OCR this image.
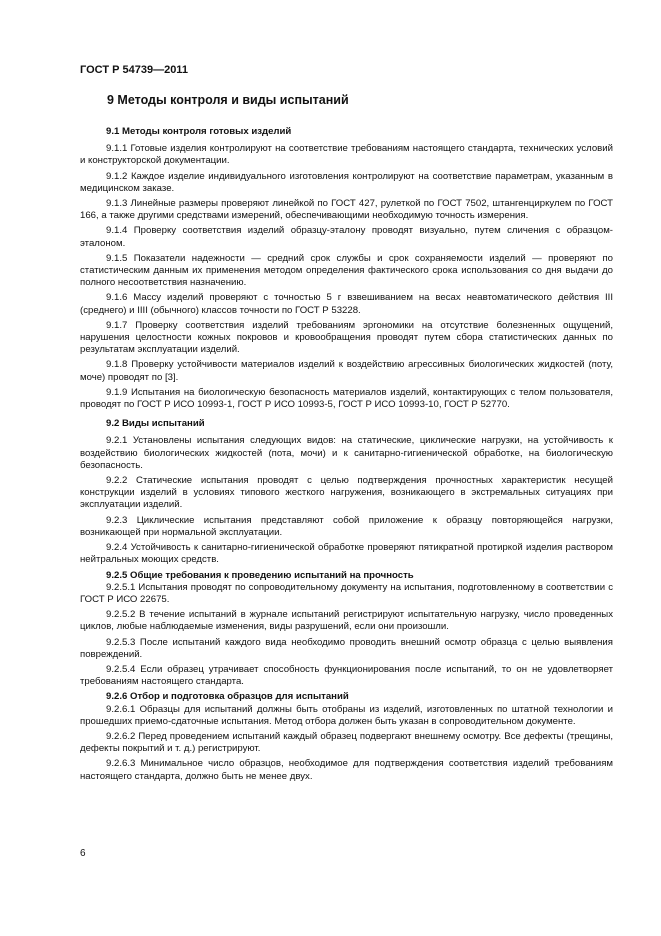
ГОСТ Р 54739—2011
9 Методы контроля и виды испытаний
9.1 Методы контроля готовых изделий

9.1.1 Готовые изделия контролируют на соответствие требованиям настоящего стандарта, технических условий и конструкторской документации.

9.1.2 Каждое изделие индивидуального изготовления контролируют на соответствие параметрам, указанным в медицинском заказе.

9.1.3 Линейные размеры проверяют линейкой по ГОСТ 427, рулеткой по ГОСТ 7502, штангенциркулем по ГОСТ 166, а также другими средствами измерений, обеспечивающими необходимую точность измерения.

9.1.4 Проверку соответствия изделий образцу-эталону проводят визуально, путем сличения с образцом-эталоном.

9.1.5 Показатели надежности — средний срок службы и срок сохраняемости изделий — проверяют по статистическим данным их применения методом определения фактического срока использования со дня выдачи до полного несоответствия назначению.

9.1.6 Массу изделий проверяют с точностью 5 г взвешиванием на весах неавтоматического действия III (среднего) и IIII (обычного) классов точности по ГОСТ Р 53228.

9.1.7 Проверку соответствия изделий требованиям эргономики на отсутствие болезненных ощущений, нарушения целостности кожных покровов и кровообращения проводят путем сбора статистических данных по результатам эксплуатации изделий.

9.1.8 Проверку устойчивости материалов изделий к воздействию агрессивных биологических жидкостей (поту, моче) проводят по [3].

9.1.9 Испытания на биологическую безопасность материалов изделий, контактирующих с телом пользователя, проводят по ГОСТ Р ИСО 10993-1, ГОСТ Р ИСО 10993-5, ГОСТ Р ИСО 10993-10, ГОСТ Р 52770.

9.2 Виды испытаний

9.2.1 Установлены испытания следующих видов: на статические, циклические нагрузки, на устойчивость к воздействию биологических жидкостей (пота, мочи) и к санитарно-гигиенической обработке, на биологическую безопасность.

9.2.2 Статические испытания проводят с целью подтверждения прочностных характеристик несущей конструкции изделий в условиях типового жесткого нагружения, возникающего в экстремальных ситуациях при эксплуатации изделий.

9.2.3 Циклические испытания представляют собой приложение к образцу повторяющейся нагрузки, возникающей при нормальной эксплуатации.

9.2.4 Устойчивость к санитарно-гигиенической обработке проверяют пятикратной протиркой изделия раствором нейтральных моющих средств.

9.2.5 Общие требования к проведению испытаний на прочность

9.2.5.1 Испытания проводят по сопроводительному документу на испытания, подготовленному в соответствии с ГОСТ Р ИСО 22675.

9.2.5.2 В течение испытаний в журнале испытаний регистрируют испытательную нагрузку, число проведенных циклов, любые наблюдаемые изменения, виды разрушений, если они произошли.

9.2.5.3 После испытаний каждого вида необходимо проводить внешний осмотр образца с целью выявления повреждений.

9.2.5.4 Если образец утрачивает способность функционирования после испытаний, то он не удовлетворяет требованиям настоящего стандарта.

9.2.6 Отбор и подготовка образцов для испытаний

9.2.6.1 Образцы для испытаний должны быть отобраны из изделий, изготовленных по штатной технологии и прошедших приемо-сдаточные испытания. Метод отбора должен быть указан в сопроводительном документе.

9.2.6.2 Перед проведением испытаний каждый образец подвергают внешнему осмотру. Все дефекты (трещины, дефекты покрытий и т. д.) регистрируют.

9.2.6.3 Минимальное число образцов, необходимое для подтверждения соответствия изделий требованиям настоящего стандарта, должно быть не менее двух.

6
